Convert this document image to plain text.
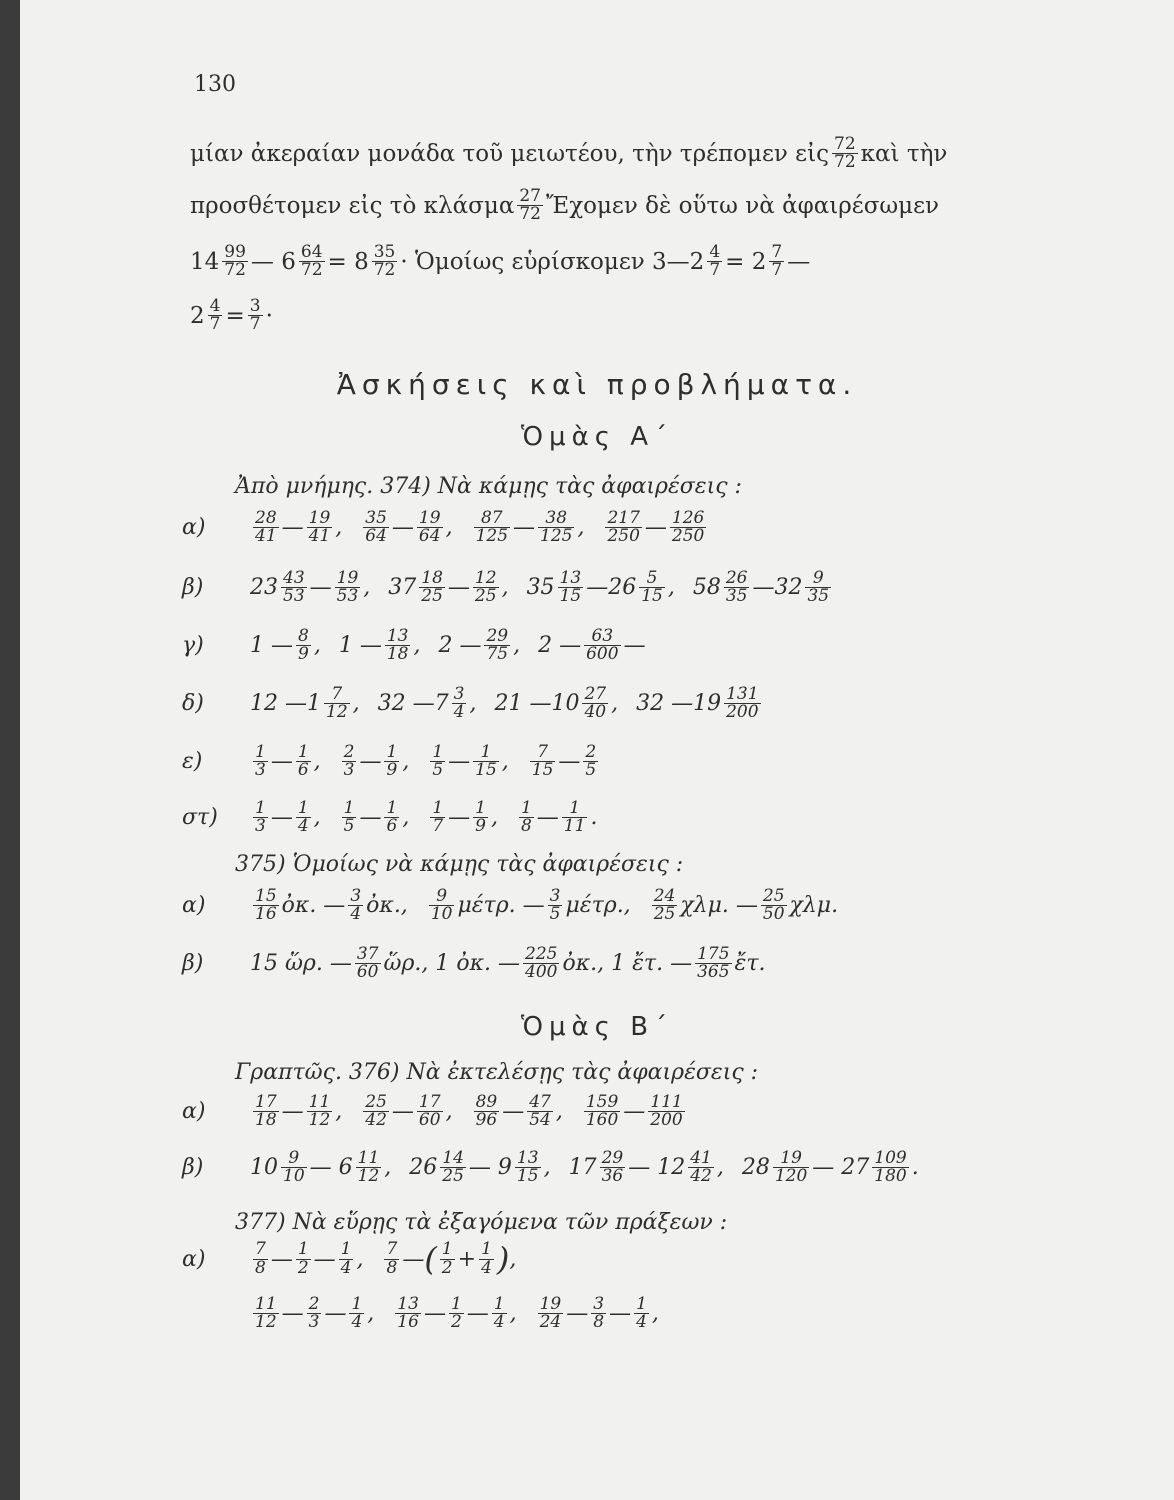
130
μίαν ἀκεραίαν μονάδα τοῦ μειωτέου, τὴν τρέπομεν εἰς $\frac{72}{72}$ καὶ τὴν
προσθέτομεν εἰς τὸ κλάσμα $\frac{27}{72}$ Ἔχομεν δὲ οὕτω νὰ ἀφαιρέσωμεν
$14 \frac{99}{72}$ — $6 \frac{64}{72} = 8 \frac{35}{72}$ · Ὁμοίως εὑρίσκομεν 3—2 $\frac{4}{7} = 2 \frac{7}{7}$ —
$2 \frac{4}{7} = \frac{3}{7}$ ·
Ἀσκήσεις καὶ προβλήματα.
Ὁμὰς Α΄
Ἀπὸ μνήμης. 374) Νὰ κάμῃς τὰς ἀφαιρέσεις :
α)	$\frac{28}{41}$ — $\frac{19}{41}$ , $\frac{35}{64}$ — $\frac{19}{64}$ , $\frac{87}{125}$ — $\frac{38}{125}$ , $\frac{217}{250}$ — $\frac{126}{250}$
β)	$23 \frac{43}{53}$ — $\frac{19}{53}$ , $37 \frac{18}{25}$ — $\frac{12}{25}$ , $35 \frac{13}{15}$ — $26 \frac{5}{15}$ , $58 \frac{26}{35}$ — $32 \frac{9}{35}$
γ)	1 — $\frac{8}{9}$ , 1 — $\frac{13}{18}$ , 2 — $\frac{29}{75}$ , 2 — $\frac{63}{600}$ —
δ)	12 — $1 \frac{7}{12}$ , 32 — $7 \frac{3}{4}$ , 21 — $10 \frac{27}{40}$ , 32 — $19 \frac{131}{200}$
ε)	$\frac{1}{3}$ — $\frac{1}{6}$ , $\frac{2}{3}$ — $\frac{1}{9}$ , $\frac{1}{5}$ — $\frac{1}{15}$ , $\frac{7}{15}$ — $\frac{2}{5}$
στ)	$\frac{1}{3}$ — $\frac{1}{4}$ , $\frac{1}{5}$ — $\frac{1}{6}$ , $\frac{1}{7}$ — $\frac{1}{9}$ , $\frac{1}{8}$ — $\frac{1}{11}$ .
375) Ὁμοίως νὰ κάμῃς τὰς ἀφαιρέσεις :
α)	$\frac{15}{16}$ ὀκ. — $\frac{3}{4}$ ὀκ., $\frac{9}{10} \mu έ\tau\rho$. — $\frac{3}{5} \mu έ\tau\rho$., $\frac{24}{25} \chi\lambda\mu$. — $\frac{25}{50} \chi\lambda\mu$.
β)	15 ὥρ. — $\frac{37}{60}$ ὥρ., 1 ὀκ. — $\frac{225}{400}$ ὀκ., 1 ἔτ. — $\frac{175}{365}$ ἔτ.
Ὁμὰς Β΄
Γραπτῶς. 376) Νὰ ἐκτελέσῃς τὰς ἀφαιρέσεις :
α)	$\frac{17}{18}$ — $\frac{11}{12}$ , $\frac{25}{42}$ — $\frac{17}{60}$ , $\frac{89}{96}$ — $\frac{47}{54}$ , $\frac{159}{160}$ — $\frac{111}{200}$
β)	$10 \frac{9}{10}$ — $6 \frac{11}{12}$ , $26 \frac{14}{25}$ — $9 \frac{13}{15}$ , $17 \frac{29}{36}$ — $12 \frac{41}{42}$ , $28 \frac{19}{120}$ — $27 \frac{109}{180}$ .
377) Νὰ εὕρῃς τὰ ἐξαγόμενα τῶν πράξεων :
α)	$\frac{7}{8}$ — $\frac{1}{2}$ — $\frac{1}{4}$ , $\frac{7}{8}$ — ( $\frac{1}{2} + \frac{1}{4}$ ) ,
$\frac{11}{12}$ — $\frac{2}{3}$ — $\frac{1}{4}$ , $\frac{13}{16}$ — $\frac{1}{2}$ — $\frac{1}{4}$ , $\frac{19}{24}$ — $\frac{3}{8}$ — $\frac{1}{4}$ ,
